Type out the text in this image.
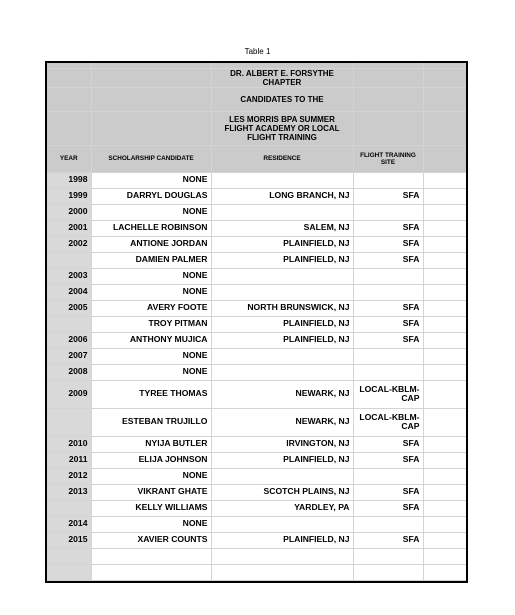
Table 1

		DR. ALBERT E. FORSYTHE CHAPTER		
		CANDIDATES TO THE		
		LES MORRIS BPA SUMMER FLIGHT ACADEMY OR LOCAL FLIGHT TRAINING		
YEAR	SCHOLARSHIP CANDIDATE	RESIDENCE	FLIGHT TRAINING SITE	
1998	NONE			
1999	DARRYL DOUGLAS	LONG BRANCH, NJ	SFA	
2000	NONE			
2001	LACHELLE ROBINSON	SALEM, NJ	SFA	
2002	ANTIONE JORDAN	PLAINFIELD, NJ	SFA	
	DAMIEN PALMER	PLAINFIELD, NJ	SFA	
2003	NONE			
2004	NONE			
2005	AVERY FOOTE	NORTH BRUNSWICK, NJ	SFA	
	TROY PITMAN	PLAINFIELD, NJ	SFA	
2006	ANTHONY MUJICA	PLAINFIELD, NJ	SFA	
2007	NONE			
2008	NONE			
2009	TYREE THOMAS	NEWARK, NJ	LOCAL-KBLM-CAP	
	ESTEBAN TRUJILLO	NEWARK, NJ	LOCAL-KBLM-CAP	
2010	NYIJA BUTLER	IRVINGTON, NJ	SFA	
2011	ELIJA JOHNSON	PLAINFIELD, NJ	SFA	
2012	NONE			
2013	VIKRANT GHATE	SCOTCH PLAINS, NJ	SFA	
	KELLY WILLIAMS	YARDLEY, PA	SFA	
2014	NONE			
2015	XAVIER COUNTS	PLAINFIELD, NJ	SFA	
